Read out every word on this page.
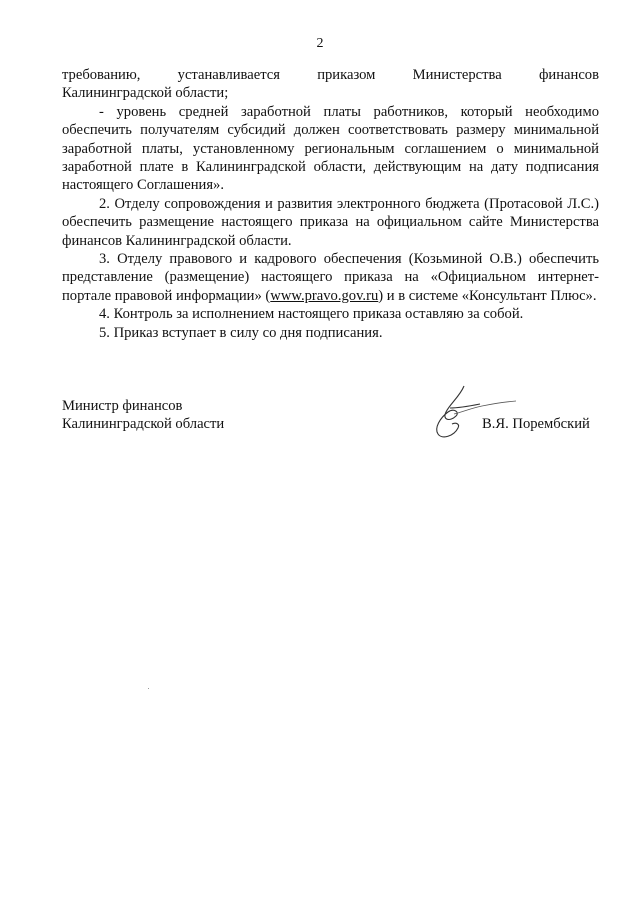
2

требованию, устанавливается приказом Министерства финансов
Калининградской области;

- уровень средней заработной платы работников, который необходимо обеспечить получателям субсидий должен соответствовать размеру минимальной заработной платы, установленному региональным соглашением о минимальной заработной плате в Калининградской области, действующим на дату подписания настоящего Соглашения».

2. Отделу сопровождения и развития электронного бюджета (Протасовой Л.С.) обеспечить размещение настоящего приказа на официальном сайте Министерства финансов Калининградской области.

3. Отделу правового и кадрового обеспечения (Козьминой О.В.) обеспечить представление (размещение) настоящего приказа на «Официальном интернет-портале правовой информации» (www.pravo.gov.ru) и в системе «Консультант Плюс».

4. Контроль за исполнением настоящего приказа оставляю за собой.

5. Приказ вступает в силу со дня подписания.

Министр финансов
Калининградской области	В.Я. Порембский
